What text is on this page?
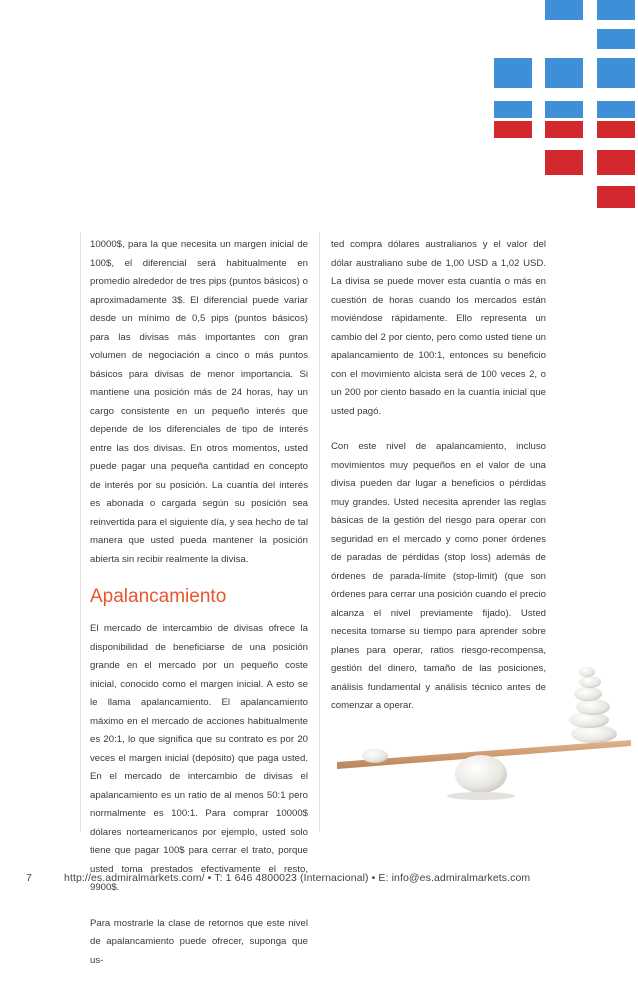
10000$, para la que necesita un margen inicial de 100$, el diferencial será habitualmente en promedio alrededor de tres pips (puntos básicos) o aproximadamente 3$. El diferencial puede variar desde un mínimo de 0,5 pips (puntos básicos) para las divisas más importantes con gran volumen de negociación a cinco o más puntos básicos para divisas de menor importancia. Si mantiene una posición más de 24 horas, hay un cargo consistente en un pequeño interés que depende de los diferenciales de tipo de interés entre las dos divisas. En otros momentos, usted puede pagar una pequeña cantidad en concepto de interés por su posición. La cuantía del interés es abonada o cargada según su posición sea reinvertida para el siguiente día, y sea hecho de tal manera que usted pueda mantener la posición abierta sin recibir realmente la divisa.

Apalancamiento

El mercado de intercambio de divisas ofrece la disponibilidad de beneficiarse de una posición grande en el mercado por un pequeño coste inicial, conocido como el margen inicial. A esto se le llama apalancamiento. El apalancamiento máximo en el mercado de acciones habitualmente es 20:1, lo que significa que su contrato es por 20 veces el margen inicial (depósito) que paga usted. En el mercado de intercambio de divisas el apalancamiento es un ratio de al menos 50:1 pero normalmente es 100:1. Para comprar 10000$ dólares norteamericanos por ejemplo, usted solo tiene que pagar 100$ para cerrar el trato, porque usted toma prestados efectivamente el resto, 9900$.

Para mostrarle la clase de retornos que este nivel de apalancamiento puede ofrecer, suponga que us-

ted compra dólares australianos y el valor del dólar australiano sube de 1,00 USD a 1,02 USD. La divisa se puede mover esta cuantía o más en cuestión de horas cuando los mercados están moviéndose rápidamente. Ello representa un cambio del 2 por ciento, pero como usted tiene un apalancamiento de 100:1, entonces su beneficio con el movimiento alcista será de 100 veces 2, o un 200 por ciento basado en la cuantía inicial que usted pagó.

Con este nivel de apalancamiento, incluso movimientos muy pequeños en el valor de una divisa pueden dar lugar a beneficios o pérdidas muy grandes. Usted necesita aprender las reglas básicas de la gestión del riesgo para operar con seguridad en el mercado y como poner órdenes de paradas de pérdidas (stop loss) además de órdenes de parada-límite (stop-limit) (que son órdenes para cerrar una posición cuando el precio alcanza el nivel previamente fijado). Usted necesita tomarse su tiempo para aprender sobre planes para operar, ratios riesgo-recompensa, gestión del dinero, tamaño de las posiciones, análisis fundamental y análisis técnico antes de comenzar a operar.

7	http://es.admiralmarkets.com/ • T: 1 646 4800023 (Internacional) • E: info@es.admiralmarkets.com
